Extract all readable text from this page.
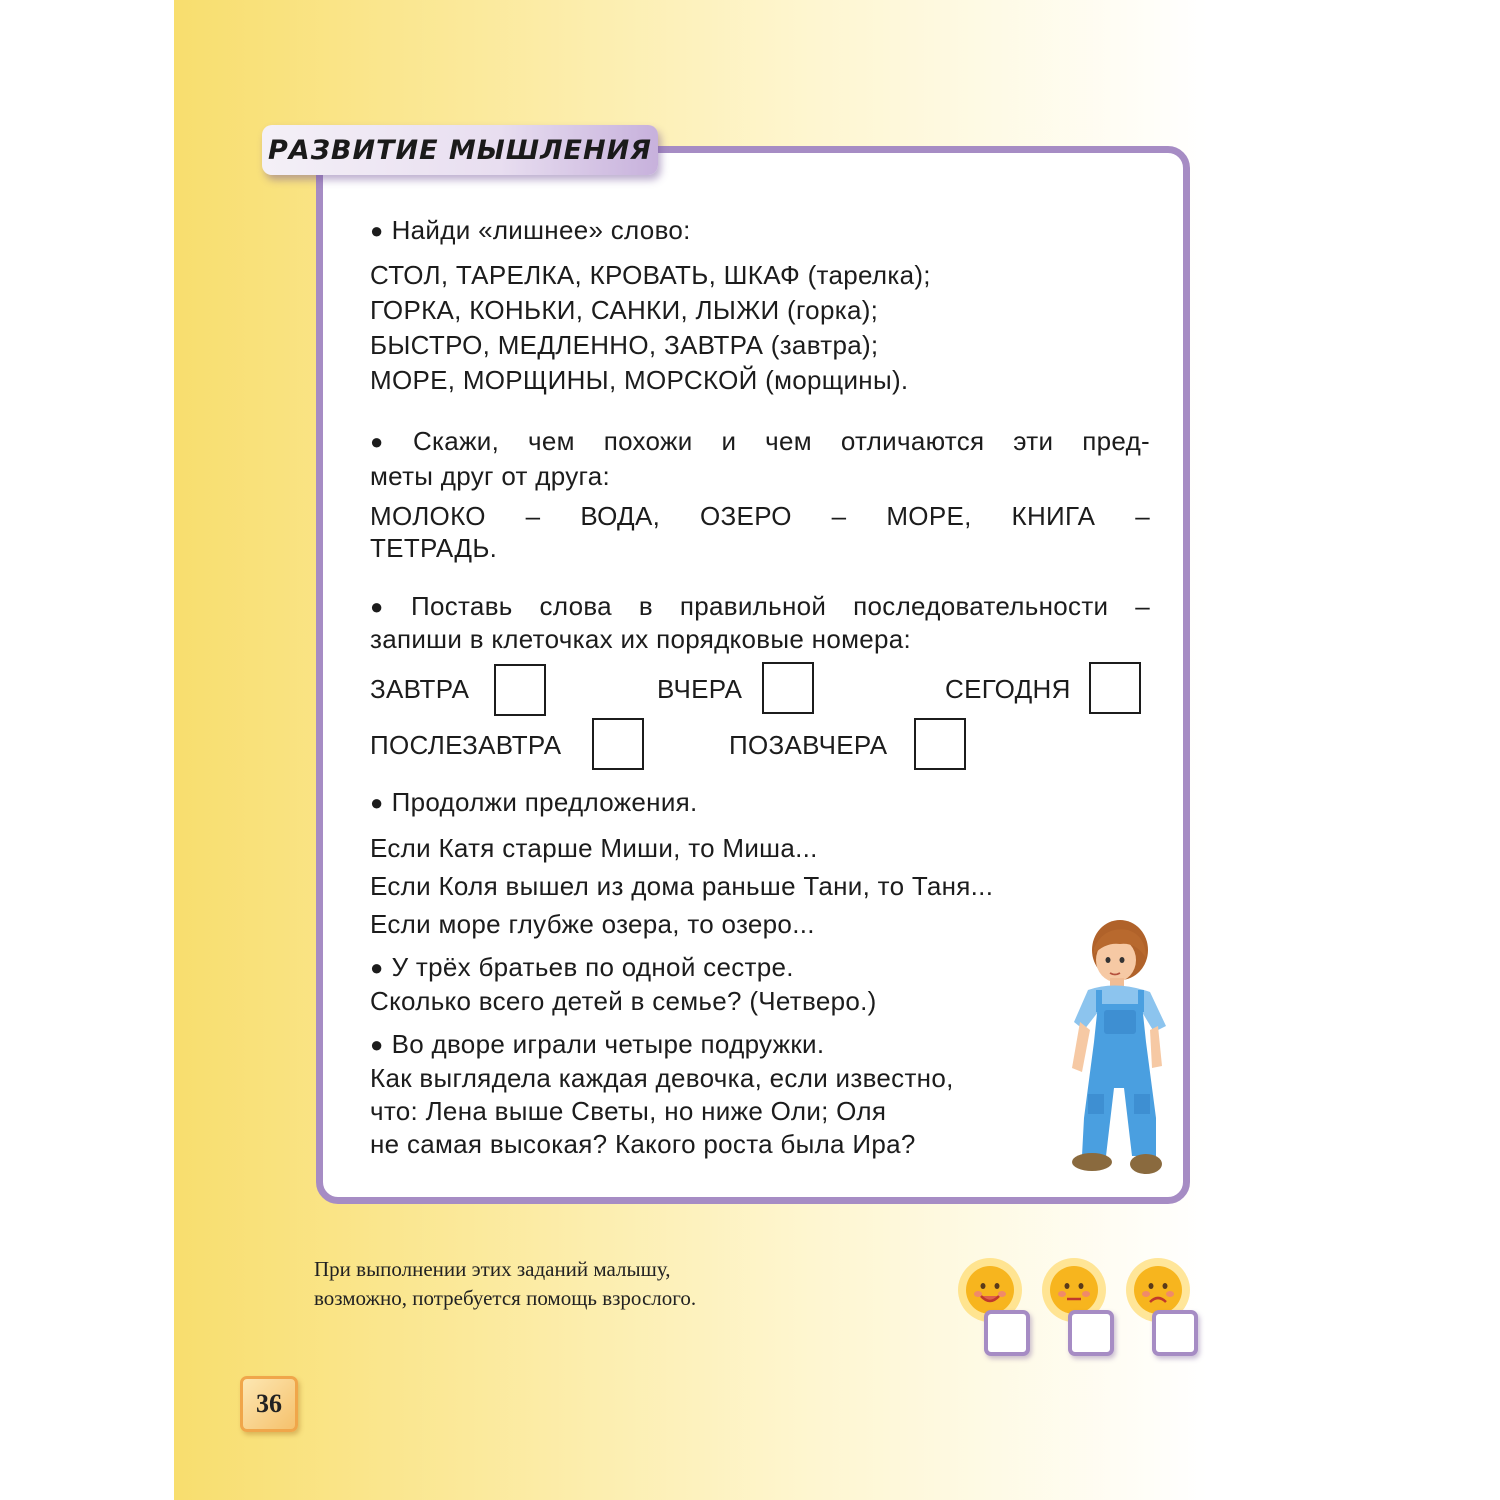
РАЗВИТИЕ МЫШЛЕНИЯ
● Найди «лишнее» слово:
СТОЛ, ТАРЕЛКА, КРОВАТЬ, ШКАФ (тарелка);
ГОРКА, КОНЬКИ, САНКИ, ЛЫЖИ (горка);
БЫСТРО, МЕДЛЕННО, ЗАВТРА (завтра);
МОРЕ, МОРЩИНЫ, МОРСКОЙ (морщины).
● Скажи, чем похожи и чем отличаются эти пред-
меты друг от друга:
МОЛОКО – ВОДА, ОЗЕРО – МОРЕ, КНИГА –
ТЕТРАДЬ.
● Поставь слова в правильной последовательности –
запиши в клеточках их порядковые номера:
ЗАВТРА	ВЧЕРА	СЕГОДНЯ
ПОСЛЕЗАВТРА	ПОЗАВЧЕРА
● Продолжи предложения.
Если Катя старше Миши, то Миша...
Если Коля вышел из дома раньше Тани, то Таня...
Если море глубже озера, то озеро...
● У трёх братьев по одной сестре.
Сколько всего детей в семье? (Четверо.)
● Во дворе играли четыре подружки.
Как выглядела каждая девочка, если известно,
что: Лена выше Светы, но ниже Оли; Оля
не самая высокая? Какого роста была Ира?
При выполнении этих заданий малышу,
возможно, потребуется помощь взрослого.
36
